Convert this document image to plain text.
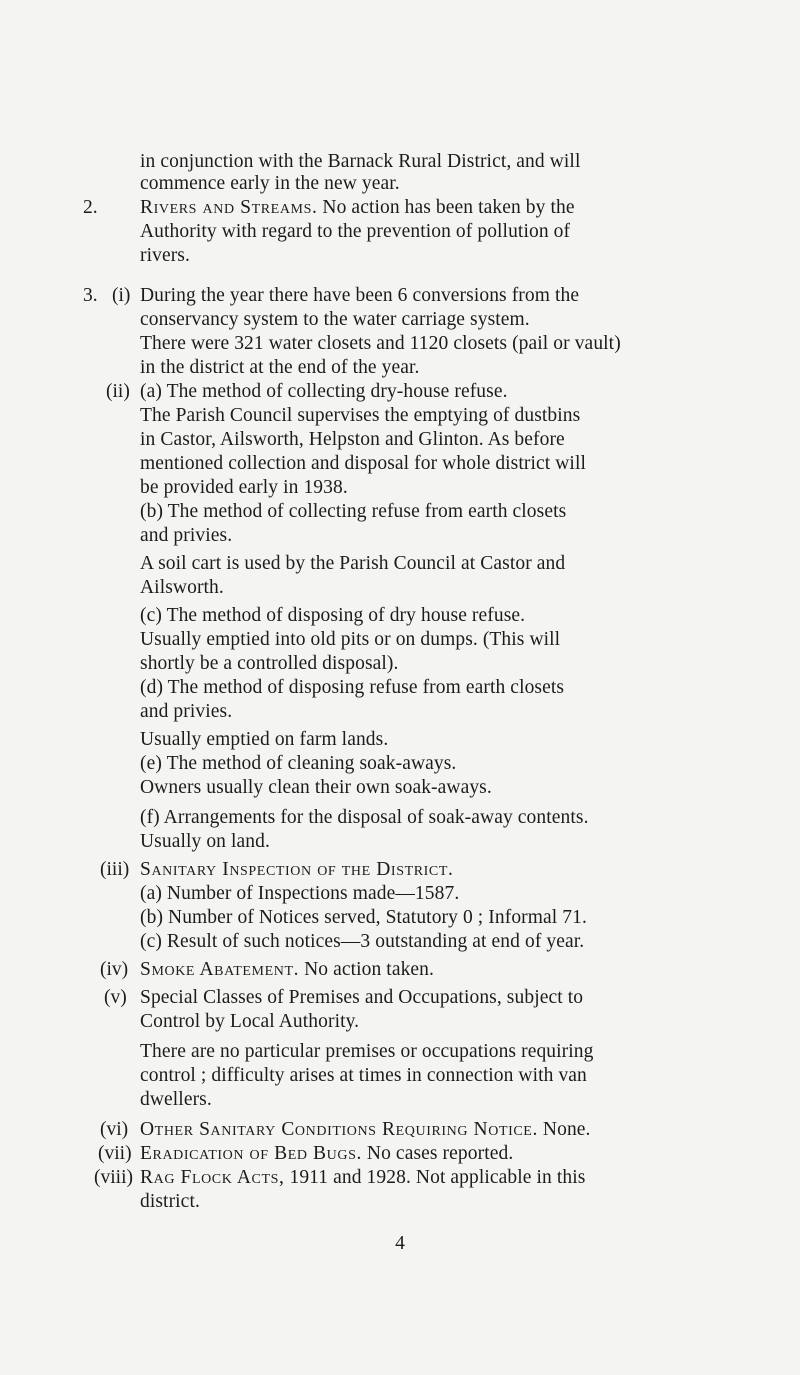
in conjunction with the Barnack Rural District, and will
commence early in the new year.
2. Rivers and Streams. No action has been taken by the
Authority with regard to the prevention of pollution of
rivers.
3. (i) During the year there have been 6 conversions from the
conservancy system to the water carriage system.
There were 321 water closets and 1120 closets (pail or vault)
in the district at the end of the year.
(ii) (a) The method of collecting dry-house refuse.
The Parish Council supervises the emptying of dustbins
in Castor, Ailsworth, Helpston and Glinton. As before
mentioned collection and disposal for whole district will
be provided early in 1938.
(b) The method of collecting refuse from earth closets
and privies.
A soil cart is used by the Parish Council at Castor and
Ailsworth.
(c) The method of disposing of dry house refuse.
Usually emptied into old pits or on dumps. (This will
shortly be a controlled disposal).
(d) The method of disposing refuse from earth closets
and privies.
Usually emptied on farm lands.
(e) The method of cleaning soak-aways.
Owners usually clean their own soak-aways.
(f) Arrangements for the disposal of soak-away contents.
Usually on land.
(iii) Sanitary Inspection of the District.
(a) Number of Inspections made—1587.
(b) Number of Notices served, Statutory 0 ; Informal 71.
(c) Result of such notices—3 outstanding at end of year.
(iv) Smoke Abatement. No action taken.
(v) Special Classes of Premises and Occupations, subject to
Control by Local Authority.
There are no particular premises or occupations requiring
control ; difficulty arises at times in connection with van
dwellers.
(vi) Other Sanitary Conditions Requiring Notice. None.
(vii) Eradication of Bed Bugs. No cases reported.
(viii) Rag Flock Acts, 1911 and 1928. Not applicable in this
district.
4
